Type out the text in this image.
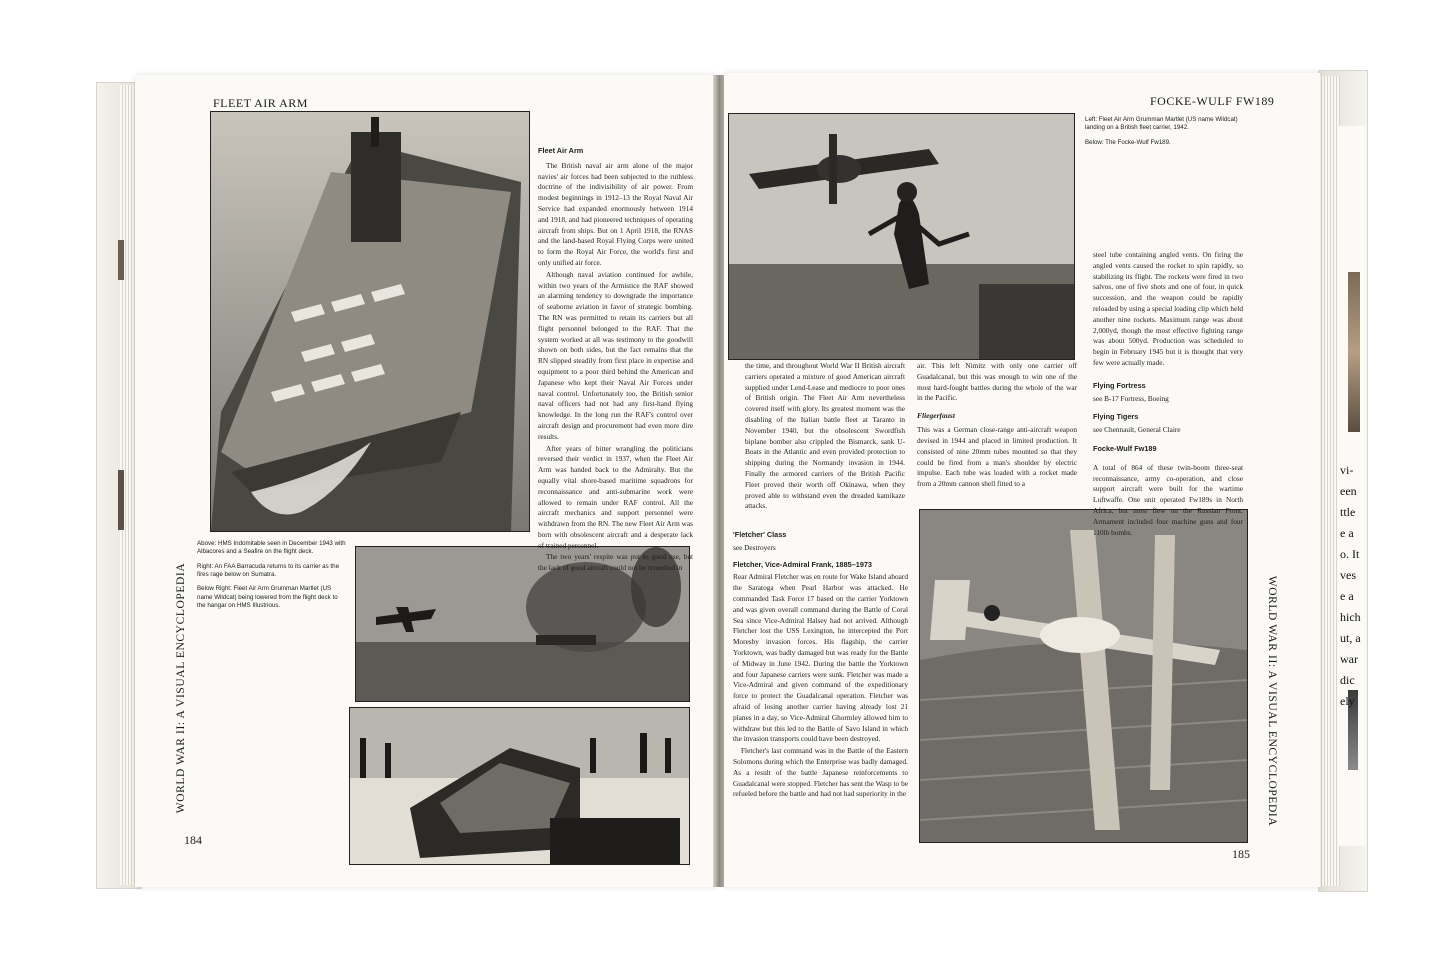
vi-
een
ttle
e a
o. It
ves
e a
hich
ut, a
war
dic
ely
FLEET AIR ARM	FOCKE-WULF FW189
184
185
WORLD WAR II: A VISUAL ENCYCLOPEDIA	WORLD WAR II: A VISUAL ENCYCLOPEDIA

Above: HMS Indomitable seen in December 1943 with Albacores and a Seafire on the flight deck.

Right: An FAA Barracuda returns to its carrier as the fires rage below on Sumatra.

Below Right: Fleet Air Arm Grumman Martlet (US name Wildcat) being lowered from the flight deck to the hangar on HMS Illustrious.

Fleet Air Arm

The British naval air arm alone of the major navies' air forces had been subjected to the ruthless doctrine of the indivisibility of air power. From modest beginnings in 1912–13 the Royal Naval Air Service had expanded enormously between 1914 and 1918, and had pioneered techniques of operating aircraft from ships. But on 1 April 1918, the RNAS and the land-based Royal Flying Corps were united to form the Royal Air Force, the world's first and only unified air force.

Although naval aviation continued for awhile, within two years of the Armistice the RAF showed an alarming tendency to downgrade the importance of seaborne aviation in favor of strategic bombing. The RN was permitted to retain its carriers but all flight personnel belonged to the RAF. That the system worked at all was testimony to the goodwill shown on both sides, but the fact remains that the RN slipped steadily from first place in expertise and equipment to a poor third behind the American and Japanese who kept their Naval Air Forces under naval control. Unfortunately too, the British senior naval officers had not had any first-hand flying knowledge. In the long run the RAF's control over aircraft design and procurement had even more dire results.

After years of bitter wrangling the politicians reversed their verdict in 1937, when the Fleet Air Arm was handed back to the Admiralty. But the equally vital shore-based maritime squadrons for reconnaissance and anti-submarine work were allowed to remain under RAF control. All the aircraft mechanics and support personnel were withdrawn from the RN. The new Fleet Air Arm was born with obsolescent aircraft and a desperate lack of trained personnel.

The two years' respite was put to good use, but the lack of good aircraft could not be remedied in

Left: Fleet Air Arm Grumman Martlet (US name Wildcat) landing on a British fleet carrier, 1942.

Below: The Focke-Wulf Fw189.

the time, and throughout World War II British aircraft carriers operated a mixture of good American aircraft supplied under Lend-Lease and mediocre to poor ones of British origin. The Fleet Air Arm nevertheless covered itself with glory. Its greatest moment was the disabling of the Italian battle fleet at Taranto in November 1940, but the obsolescent Swordfish biplane bomber also crippled the Bismarck, sank U-Boats in the Atlantic and even provided protection to shipping during the Normandy invasion in 1944. Finally the armored carriers of the British Pacific Fleet proved their worth off Okinawa, when they proved able to withstand even the dreaded kamikaze attacks.

air. This left Nimitz with only one carrier off Guadalcanal, but this was enough to win one of the most hard-fought battles during the whole of the war in the Pacific.

Fliegerfaust

This was a German close-range anti-aircraft weapon devised in 1944 and placed in limited production. It consisted of nine 20mm tubes mounted so that they could be fired from a man's shoulder by electric impulse. Each tube was loaded with a rocket made from a 20mm cannon shell fitted to a

'Fletcher' Class

see Destroyers

Fletcher, Vice-Admiral Frank, 1885–1973

Rear Admiral Fletcher was en route for Wake Island aboard the Saratoga when Pearl Harbor was attacked. He commanded Task Force 17 based on the carrier Yorktown and was given overall command during the Battle of Coral Sea since Vice-Admiral Halsey had not arrived. Although Fletcher lost the USS Lexington, he intercepted the Port Moresby invasion forces. His flagship, the carrier Yorktown, was badly damaged but was ready for the Battle of Midway in June 1942. During the battle the Yorktown and four Japanese carriers were sunk. Fletcher was made a Vice-Admiral and given command of the expeditionary force to protect the Guadalcanal operation. Fletcher was afraid of losing another carrier having already lost 21 planes in a day, so Vice-Admiral Ghormley allowed him to withdraw but this led to the Battle of Savo Island in which the invasion transports could have been destroyed.

Fletcher's last command was in the Battle of the Eastern Solomons during which the Enterprise was badly damaged. As a result of the battle Japanese reinforcements to Guadalcanal were stopped. Fletcher has sent the Wasp to be refueled before the battle and had not had superiority in the

steel tube containing angled vents. On firing the angled vents caused the rocket to spin rapidly, so stabilizing its flight. The rockets were fired in two salvos, one of five shots and one of four, in quick succession, and the weapon could be rapidly reloaded by using a special loading clip which held another nine rockets. Maximum range was about 2,000yd, though the most effective fighting range was about 500yd. Production was scheduled to begin in February 1945 but it is thought that very few were actually made.

Flying Fortress

see B-17 Fortress, Boeing

Flying Tigers

see Chennault, General Claire

Focke-Wulf Fw189

A total of 864 of these twin-boom three-seat reconnaissance, army co-operation, and close support aircraft were built for the wartime Luftwaffe. One unit operated Fw189s in North Africa, but most flew on the Russian Front. Armament included four machine guns and four 110lb bombs.
